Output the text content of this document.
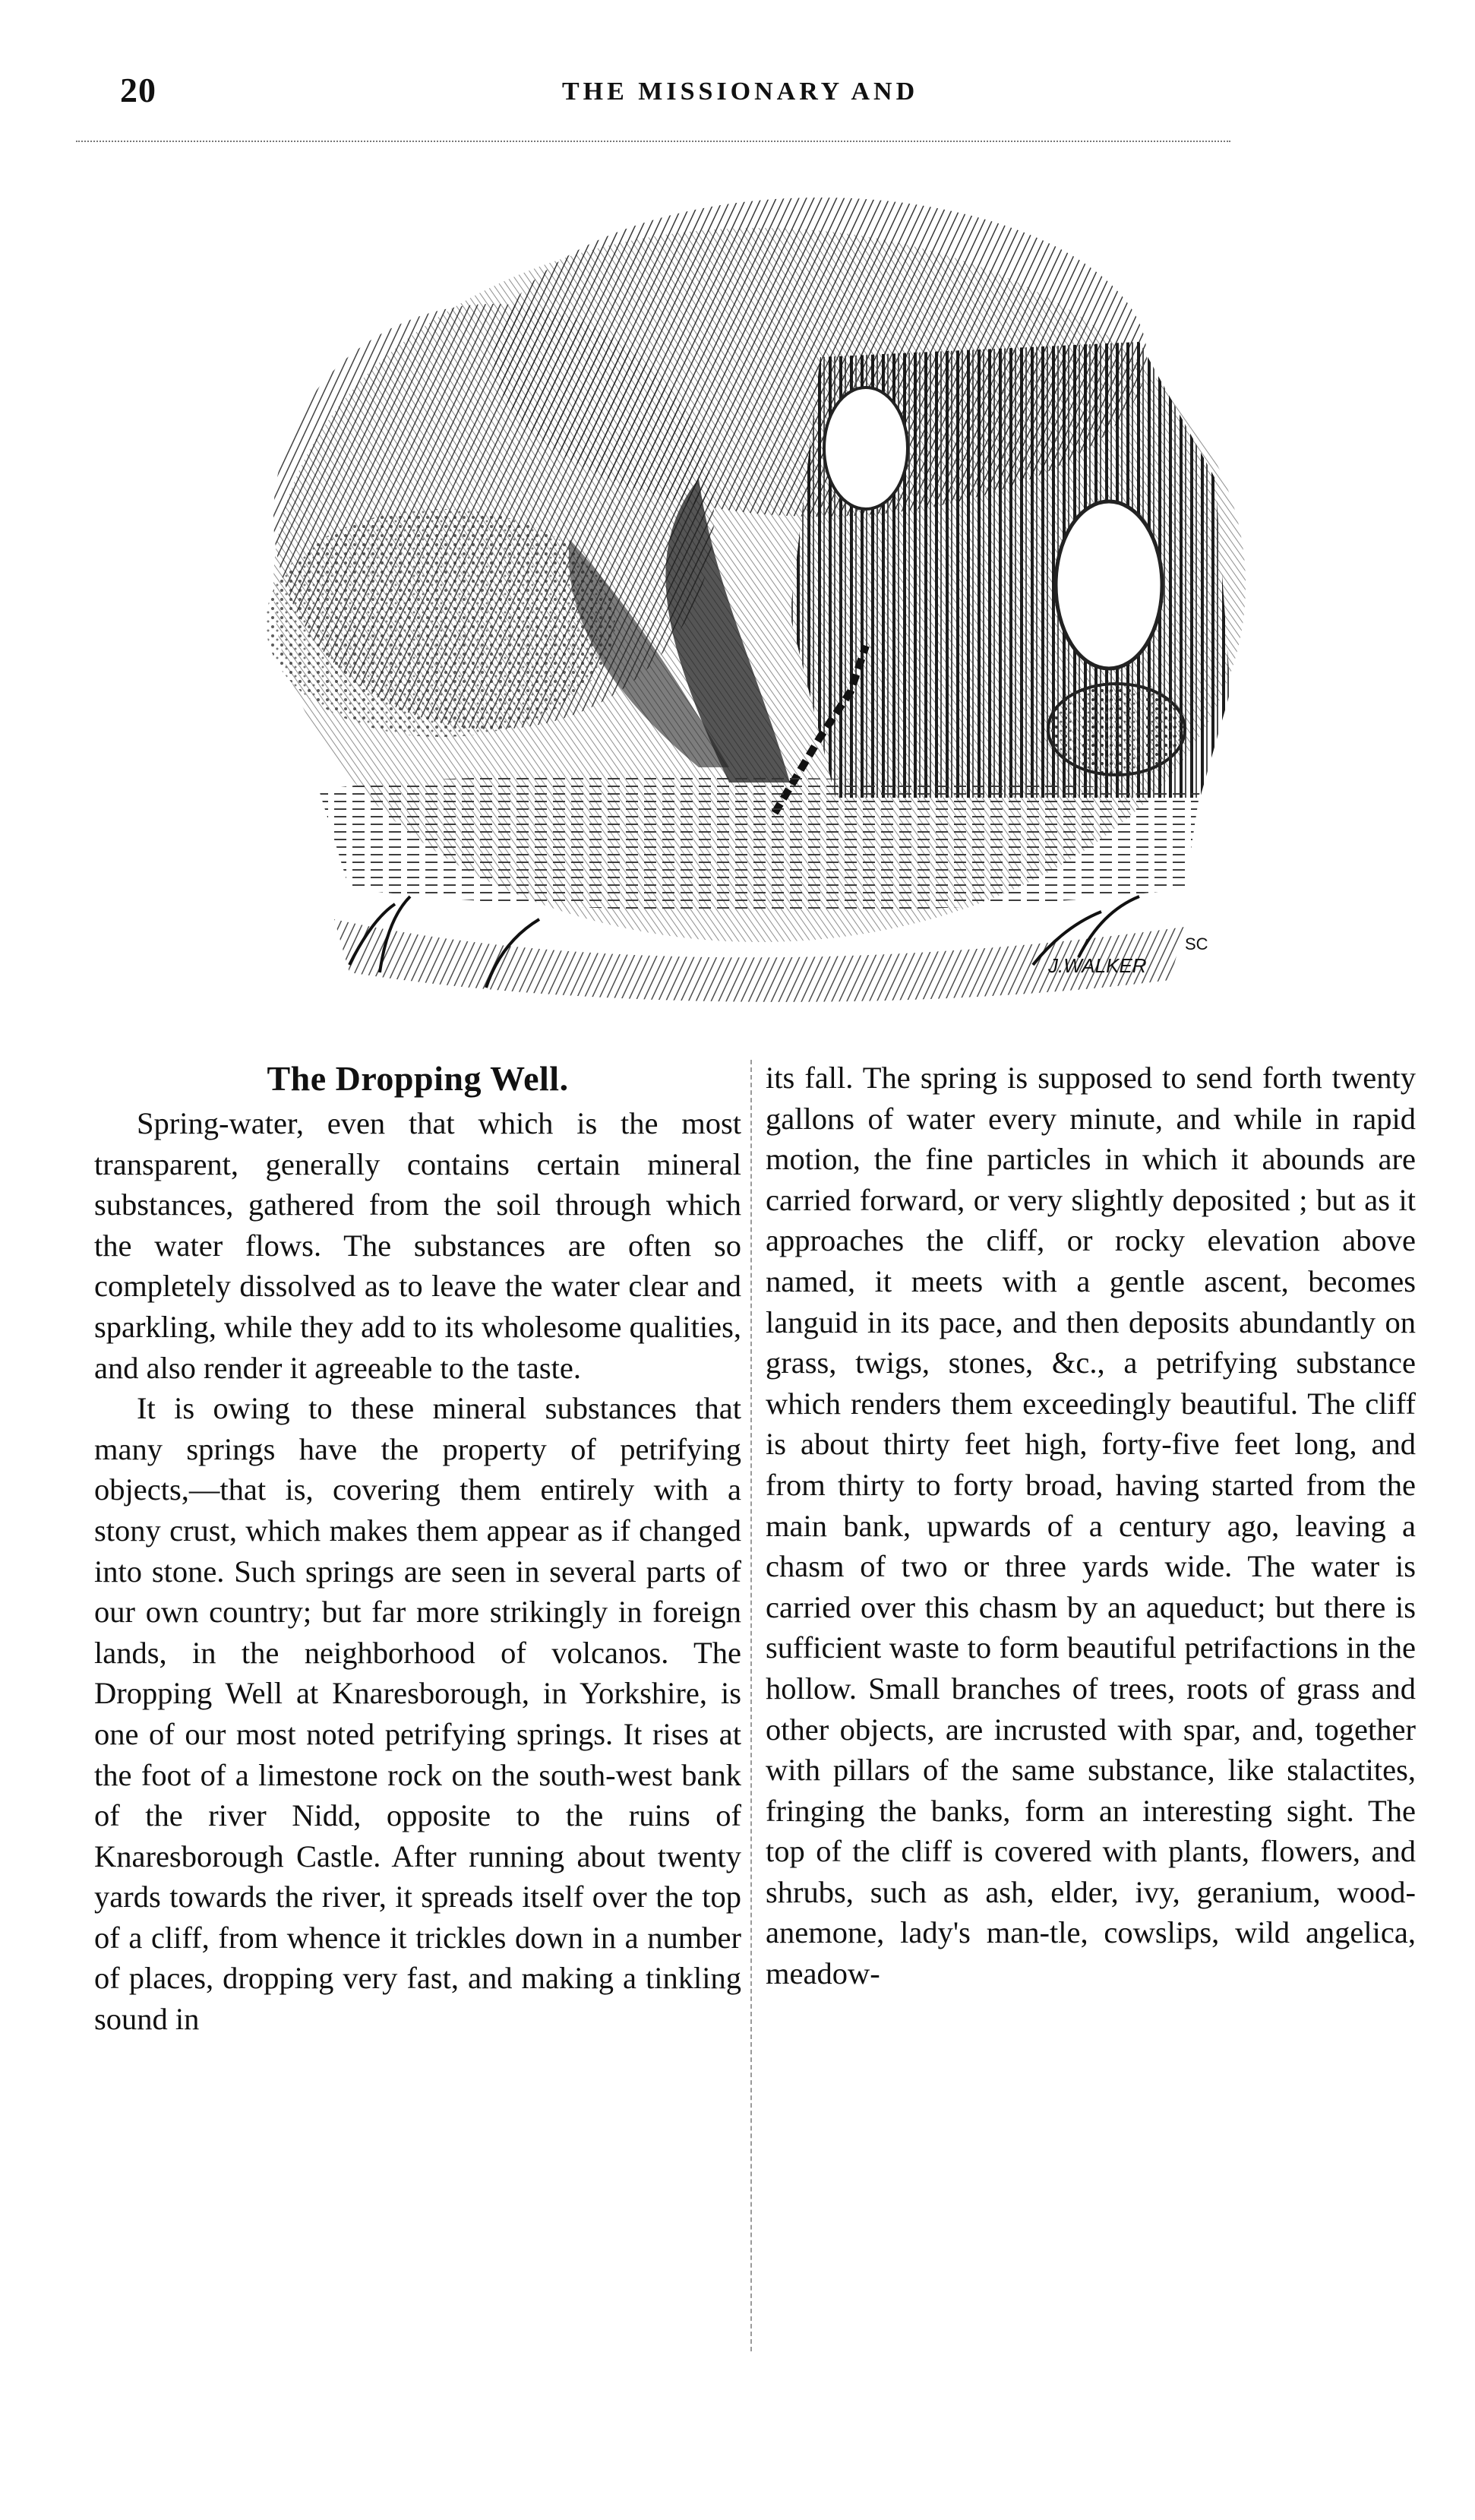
20	THE MISSIONARY AND
J.WALKER
SC
The Dropping Well.

Spring-water, even that which is the most transparent, generally contains certain mineral substances, gathered from the soil through which the water flows. The substances are often so completely dissolved as to leave the water clear and sparkling, while they add to its wholesome qualities, and also render it agreeable to the taste.

It is owing to these mineral substances that many springs have the property of petrifying objects,—that is, covering them entirely with a stony crust, which makes them appear as if changed into stone. Such springs are seen in several parts of our own country; but far more strikingly in foreign lands, in the neighborhood of volcanos. The Dropping Well at Knaresborough, in Yorkshire, is one of our most noted petrifying springs. It rises at the foot of a limestone rock on the south-west bank of the river Nidd, opposite to the ruins of Knaresborough Castle. After running about twenty yards towards the river, it spreads itself over the top of a cliff, from whence it trickles down in a number of places, dropping very fast, and making a tinkling sound in

its fall. The spring is supposed to send forth twenty gallons of water every minute, and while in rapid motion, the fine particles in which it abounds are carried forward, or very slightly deposited ; but as it approaches the cliff, or rocky elevation above named, it meets with a gentle ascent, becomes languid in its pace, and then deposits abundantly on grass, twigs, stones, &c., a petrifying substance which renders them exceedingly beautiful. The cliff is about thirty feet high, forty-five feet long, and from thirty to forty broad, having started from the main bank, upwards of a century ago, leaving a chasm of two or three yards wide. The water is carried over this chasm by an aqueduct; but there is sufficient waste to form beautiful petrifactions in the hollow. Small branches of trees, roots of grass and other objects, are incrusted with spar, and, together with pillars of the same substance, like stalactites, fringing the banks, form an interesting sight. The top of the cliff is covered with plants, flowers, and shrubs, such as ash, elder, ivy, geranium, wood-anemone, lady's man-tle, cowslips, wild angelica, meadow-
